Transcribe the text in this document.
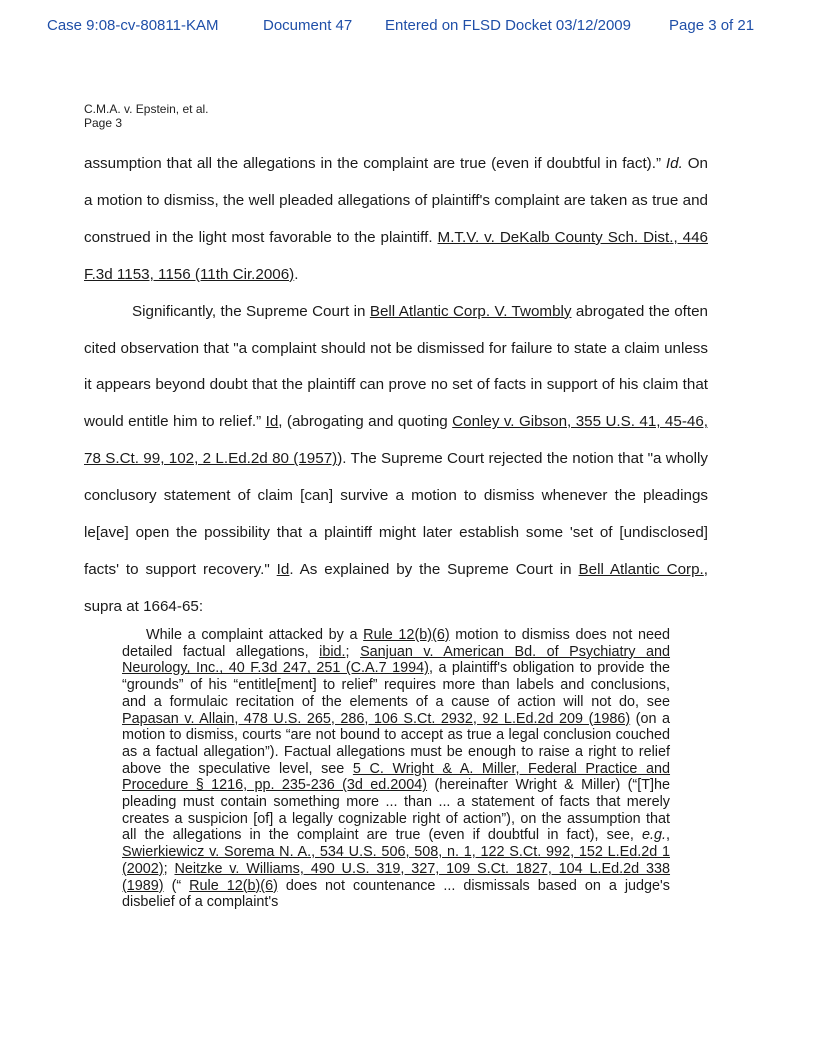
Case 9:08-cv-80811-KAM	Document 47 Entered on FLSD Docket 03/12/2009	Page 3 of 21
C.M.A. v. Epstein, et al.
Page 3

assumption that all the allegations in the complaint are true (even if doubtful in fact).” Id. On a motion to dismiss, the well pleaded allegations of plaintiff's complaint are taken as true and construed in the light most favorable to the plaintiff. M.T.V. v. DeKalb County Sch. Dist., 446 F.3d 1153, 1156 (11th Cir.2006).

Significantly, the Supreme Court in Bell Atlantic Corp. V. Twombly abrogated the often cited observation that "a complaint should not be dismissed for failure to state a claim unless it appears beyond doubt that the plaintiff can prove no set of facts in support of his claim that would entitle him to relief.” Id, (abrogating and quoting Conley v. Gibson, 355 U.S. 41, 45-46, 78 S.Ct. 99, 102, 2 L.Ed.2d 80 (1957)). The Supreme Court rejected the notion that "a wholly conclusory statement of claim [can] survive a motion to dismiss whenever the pleadings le[ave] open the possibility that a plaintiff might later establish some 'set of [undisclosed] facts' to support recovery." Id. As explained by the Supreme Court in Bell Atlantic Corp., supra at 1664-65:

While a complaint attacked by a Rule 12(b)(6) motion to dismiss does not need detailed factual allegations, ibid.; Sanjuan v. American Bd. of Psychiatry and Neurology, Inc., 40 F.3d 247, 251 (C.A.7 1994), a plaintiff's obligation to provide the “grounds” of his “entitle[ment] to relief” requires more than labels and conclusions, and a formulaic recitation of the elements of a cause of action will not do, see Papasan v. Allain, 478 U.S. 265, 286, 106 S.Ct. 2932, 92 L.Ed.2d 209 (1986) (on a motion to dismiss, courts “are not bound to accept as true a legal conclusion couched as a factual allegation”). Factual allegations must be enough to raise a right to relief above the speculative level, see 5 C. Wright & A. Miller, Federal Practice and Procedure § 1216, pp. 235-236 (3d ed.2004) (hereinafter Wright & Miller) (“[T]he pleading must contain something more ... than ... a statement of facts that merely creates a suspicion [of] a legally cognizable right of action”), on the assumption that all the allegations in the complaint are true (even if doubtful in fact), see, e.g., Swierkiewicz v. Sorema N. A., 534 U.S. 506, 508, n. 1, 122 S.Ct. 992, 152 L.Ed.2d 1 (2002); Neitzke v. Williams, 490 U.S. 319, 327, 109 S.Ct. 1827, 104 L.Ed.2d 338 (1989) (“ Rule 12(b)(6) does not countenance ... dismissals based on a judge's disbelief of a complaint's
